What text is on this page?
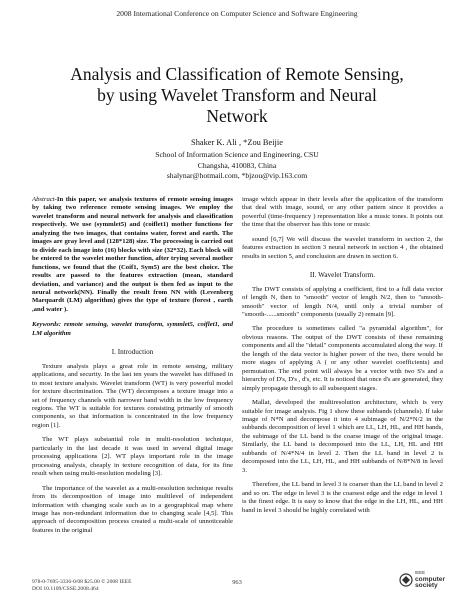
2008 International Conference on Computer Science and Software Engineering
Analysis and Classification of Remote Sensing,
by using Wavelet Transform and Neural
Network
Shaker K. Ali , *Zou Beijie
School of Information Science and Engineering, CSU
Changsha, 410083, China
shalynar@hotmail.com, *bjzou@vip.163.com

Abstract-In this paper, we analysis textures of remote sensing images by taking two reference remote sensing images. We employ the wavelet transform and neural network for analysis and classification respectively. We use (symmlet5) and (coiflet1) mother functions for analyzing the two images, that contains water, forest and earth. The images are gray level and (128*128) size. The processing is carried out to divide each image into (16) blocks with size (32*32). Each block will be entered to the wavelet mother function, after trying several mother functions, we found that the (Coif1, Sym5) are the best choice. The results are passed to the features extraction (mean, standard deviation, and variance) and the output is then fed as input to the neural network(NN). Finally the result from NN with (Levenberg Marquardt (LM) algorithm) gives the type of texture (forest , earth ,and water ).

Keywords: remote sensing, wavelet transform, symmlet5, coiflet1, and LM algorithm

I. Introduction

Texture analysis plays a great role in remote sensing, military applications, and security. In the last ten years the wavelet has diffused in to most texture analysis. Wavelet transform (WT) is very powerful model for texture discrimination. The (WT) decomposes a texture image into a set of frequency channels with narrower band width in the low frequency regions. The WT is suitable for textures consisting primarily of smooth components, so that information is concentrated in the low frequency region [1].

The WT plays substantial role in multi-resolution technique, particularly in the last decade it was used in several digital image processing applications [2]. WT plays important role in the image processing analysis, cheaply in texture recognition of data, for its fine result when using multi-resolution modeling [3].

The importance of the wavelet as a multi-resolution technique results from its decomposition of image into multilevel of independent information with changing scale such as in a geographical map where image has non-redundant information due to changing scale [4,5]. This approach of decomposition process created a multi-scale of unnoticeable features in the original

image which appear in their levels after the application of the transform that deal with image, sound, or any other pattern since it provides a powerful (time-frequency ) representation like a music tones. It points out the time that the observer has this tone or music

sound [6,7] We will discuss the wavelet transform in section 2, the features extraction in section 3 neural network in section 4 , the obtained results in section 5, and conclusion are drawn in section 6.

II. Wavelet Transform.

The DWT consists of applying a coefficient, first to a full data vector of length N, then to "smooth" vector of length N/2, then to "smooth-smooth" vector of length N/4, until only a trivial number of "smooth-......smooth" components (usually 2) remain [9].

The procedure is sometimes called "a pyramidal algorithm", for obvious reasons. The output of the DWT consists of these remaining components and all the "detail" components accumulated along the way. If the length of the data vector is higher power of the two, there would be more stages of applying A ( or any other wavelet coefficients) and permutation. The end point will always be a vector with two S's and a hierarchy of D's, D's , d's, etc. It is noticed that once d's are generated, they simply propagate through to all subsequent stages.

Mallat, developed the multiresolution architecture, which is very suitable for image analysis. Fig 1 show these subbands (channels). If take image of N*N and decompose it into 4 subimage of N/2*N/2 in the subbands decomposition of level 1 which are LL, LH, HL, and HH bands, the subimage of the LL band is the coarse image of the original image. Similarly, the LL band is decomposed into the LL, LH, HL and HH subbands of N/4*N/4 in level 2. Then the LL band in level 2 is decomposed into the LL, LH, HL, and HH subbands of N/8*N/8 in level 3.

Therefore, the LL band in level 3 is coarser than the LL band in level 2 and so on. The edge in level 3 is the coarsest edge and the edge in level 1 is the finest edge. It is easy to know that the edge in the LH, HL, and HH band in level 3 should be highly correlated with

978-0-7695-3336-0/08 $25.00 © 2008 IEEE
DOI 10.1109/CSSE.2008.464
963
IEEE
computer
society
